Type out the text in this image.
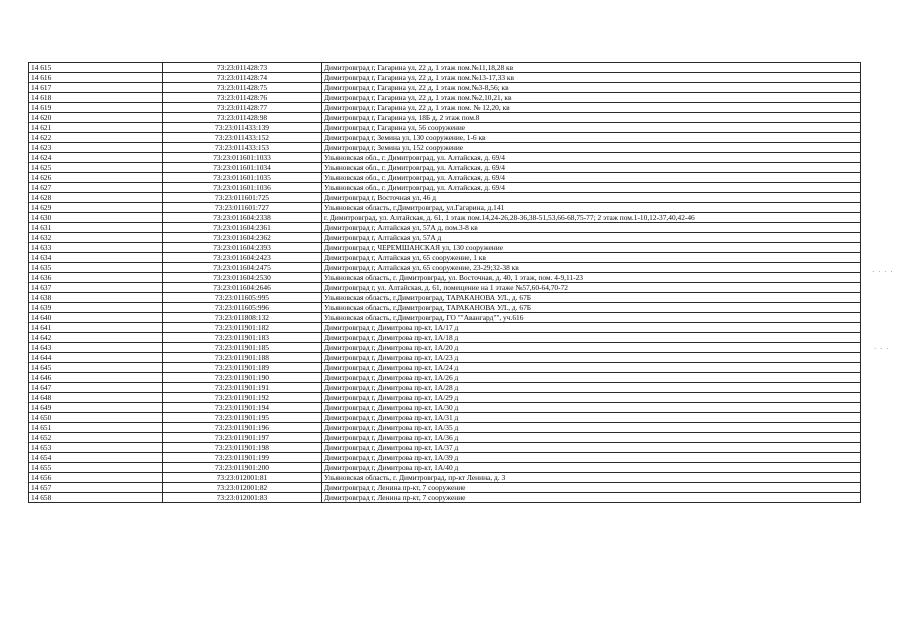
14 615	73:23:011428:73	Димитровград г, Гагарина ул, 22 д, 1 этаж пом.№11,18,28 кв
14 616	73:23:011428:74	Димитровград г, Гагарина ул, 22 д, 1 этаж пом.№13-17,33 кв
14 617	73:23:011428:75	Димитровград г, Гагарина ул, 22 д, 1 этаж пом.№3-8,56; кв
14 618	73:23:011428:76	Димитровград г, Гагарина ул, 22 д, 1 этаж пом.№2,10,21, кв
14 619	73:23:011428:77	Димитровград г, Гагарина ул, 22 д, 1 этаж пом. № 12,20, кв
14 620	73:23:011428:98	Димитровград г, Гагарина ул, 18Б д, 2 этаж пом.8
14 621	73:23:011433:139	Димитровград г, Гагарина ул, 56 сооружение
14 622	73:23:011433:152	Димитровград г, Земина ул, 130 сооружение, 1-6 кв
14 623	73:23:011433:153	Димитровград г, Земина ул, 152 сооружение
14 624	73:23:011601:1033	Ульяновская обл., г. Димитровград, ул. Алтайская, д. 69/4
14 625	73:23:011601:1034	Ульяновская обл., г. Димитровград, ул. Алтайская, д. 69/4
14 626	73:23:011601:1035	Ульяновская обл., г. Димитровград, ул. Алтайская, д. 69/4
14 627	73:23:011601:1036	Ульяновская обл., г. Димитровград, ул. Алтайская, д. 69/4
14 628	73:23:011601:725	Димитровград г, Восточная ул, 46 д
14 629	73:23:011601:727	Ульяновская область, г.Димитровград, ул.Гагарина, д.141
14 630	73:23:011604:2338	г. Димитровград, ул. Алтайская, д. 61, 1 этаж пом.14,24-26,28-36,38-51,53,66-68,75-77; 2 этаж пом.1-10,12-37,40,42-46
14 631	73:23:011604:2361	Димитровград г, Алтайская ул, 57А д, пом.3-8 кв
14 632	73:23:011604:2362	Димитровград г, Алтайская ул, 57А д
14 633	73:23:011604:2393	Димитровград г, ЧЕРЕМШАНСКАЯ ул, 130 сооружение
14 634	73:23:011604:2423	Димитровград г, Алтайская ул, 65 сооружение, 1 кв
14 635	73:23:011604:2475	Димитровград г, Алтайская ул, 65 сооружение, 23-29;32-38 кв
14 636	73:23:011604:2530	Ульяновская область, г. Димитровград, ул. Восточная, д. 40, 1 этаж, пом. 4-9,11-23
14 637	73:23:011604:2646	Димитровград г, ул. Алтайская, д. 61, помещение на 1 этаже №57,60-64,70-72
14 638	73:23:011605:995	Ульяновская область, г.Димитровград, ТАРАКАНОВА УЛ., д. 67Б
14 639	73:23:011605:996	Ульяновская область, г.Димитровград, ТАРАКАНОВА УЛ., д. 67Б
14 640	73:23:011808:132	Ульяновская область, г.Димитровград, ГО ""Авангард"", уч.616
14 641	73:23:011901:182	Димитровград г, Димитрова пр-кт, 1А/17 д
14 642	73:23:011901:183	Димитровград г, Димитрова пр-кт, 1А/18 д
14 643	73:23:011901:185	Димитровград г, Димитрова пр-кт, 1А/20 д
14 644	73:23:011901:188	Димитровград г, Димитрова пр-кт, 1А/23 д
14 645	73:23:011901:189	Димитровград г, Димитрова пр-кт, 1А/24 д
14 646	73:23:011901:190	Димитровград г, Димитрова пр-кт, 1А/26 д
14 647	73:23:011901:191	Димитровград г, Димитрова пр-кт, 1А/28 д
14 648	73:23:011901:192	Димитровград г, Димитрова пр-кт, 1А/29 д
14 649	73:23:011901:194	Димитровград г, Димитрова пр-кт, 1А/30 д
14 650	73:23:011901:195	Димитровград г, Димитрова пр-кт, 1А/31 д
14 651	73:23:011901:196	Димитровград г, Димитрова пр-кт, 1А/35 д
14 652	73:23:011901:197	Димитровград г, Димитрова пр-кт, 1А/36 д
14 653	73:23:011901:198	Димитровград г, Димитрова пр-кт, 1А/37 д
14 654	73:23:011901:199	Димитровград г, Димитрова пр-кт, 1А/39 д
14 655	73:23:011901:200	Димитровград г, Димитрова пр-кт, 1А/40 д
14 656	73:23:012001:81	Ульяновская область, г. Димитровград, пр-кт Ленина, д. 3
14 657	73:23:012001:82	Димитровград г, Ленина пр-кт, 7 сооружение
14 658	73:23:012001:83	Димитровград г, Ленина пр-кт, 7 сооружение
· · · ·
· · ·
